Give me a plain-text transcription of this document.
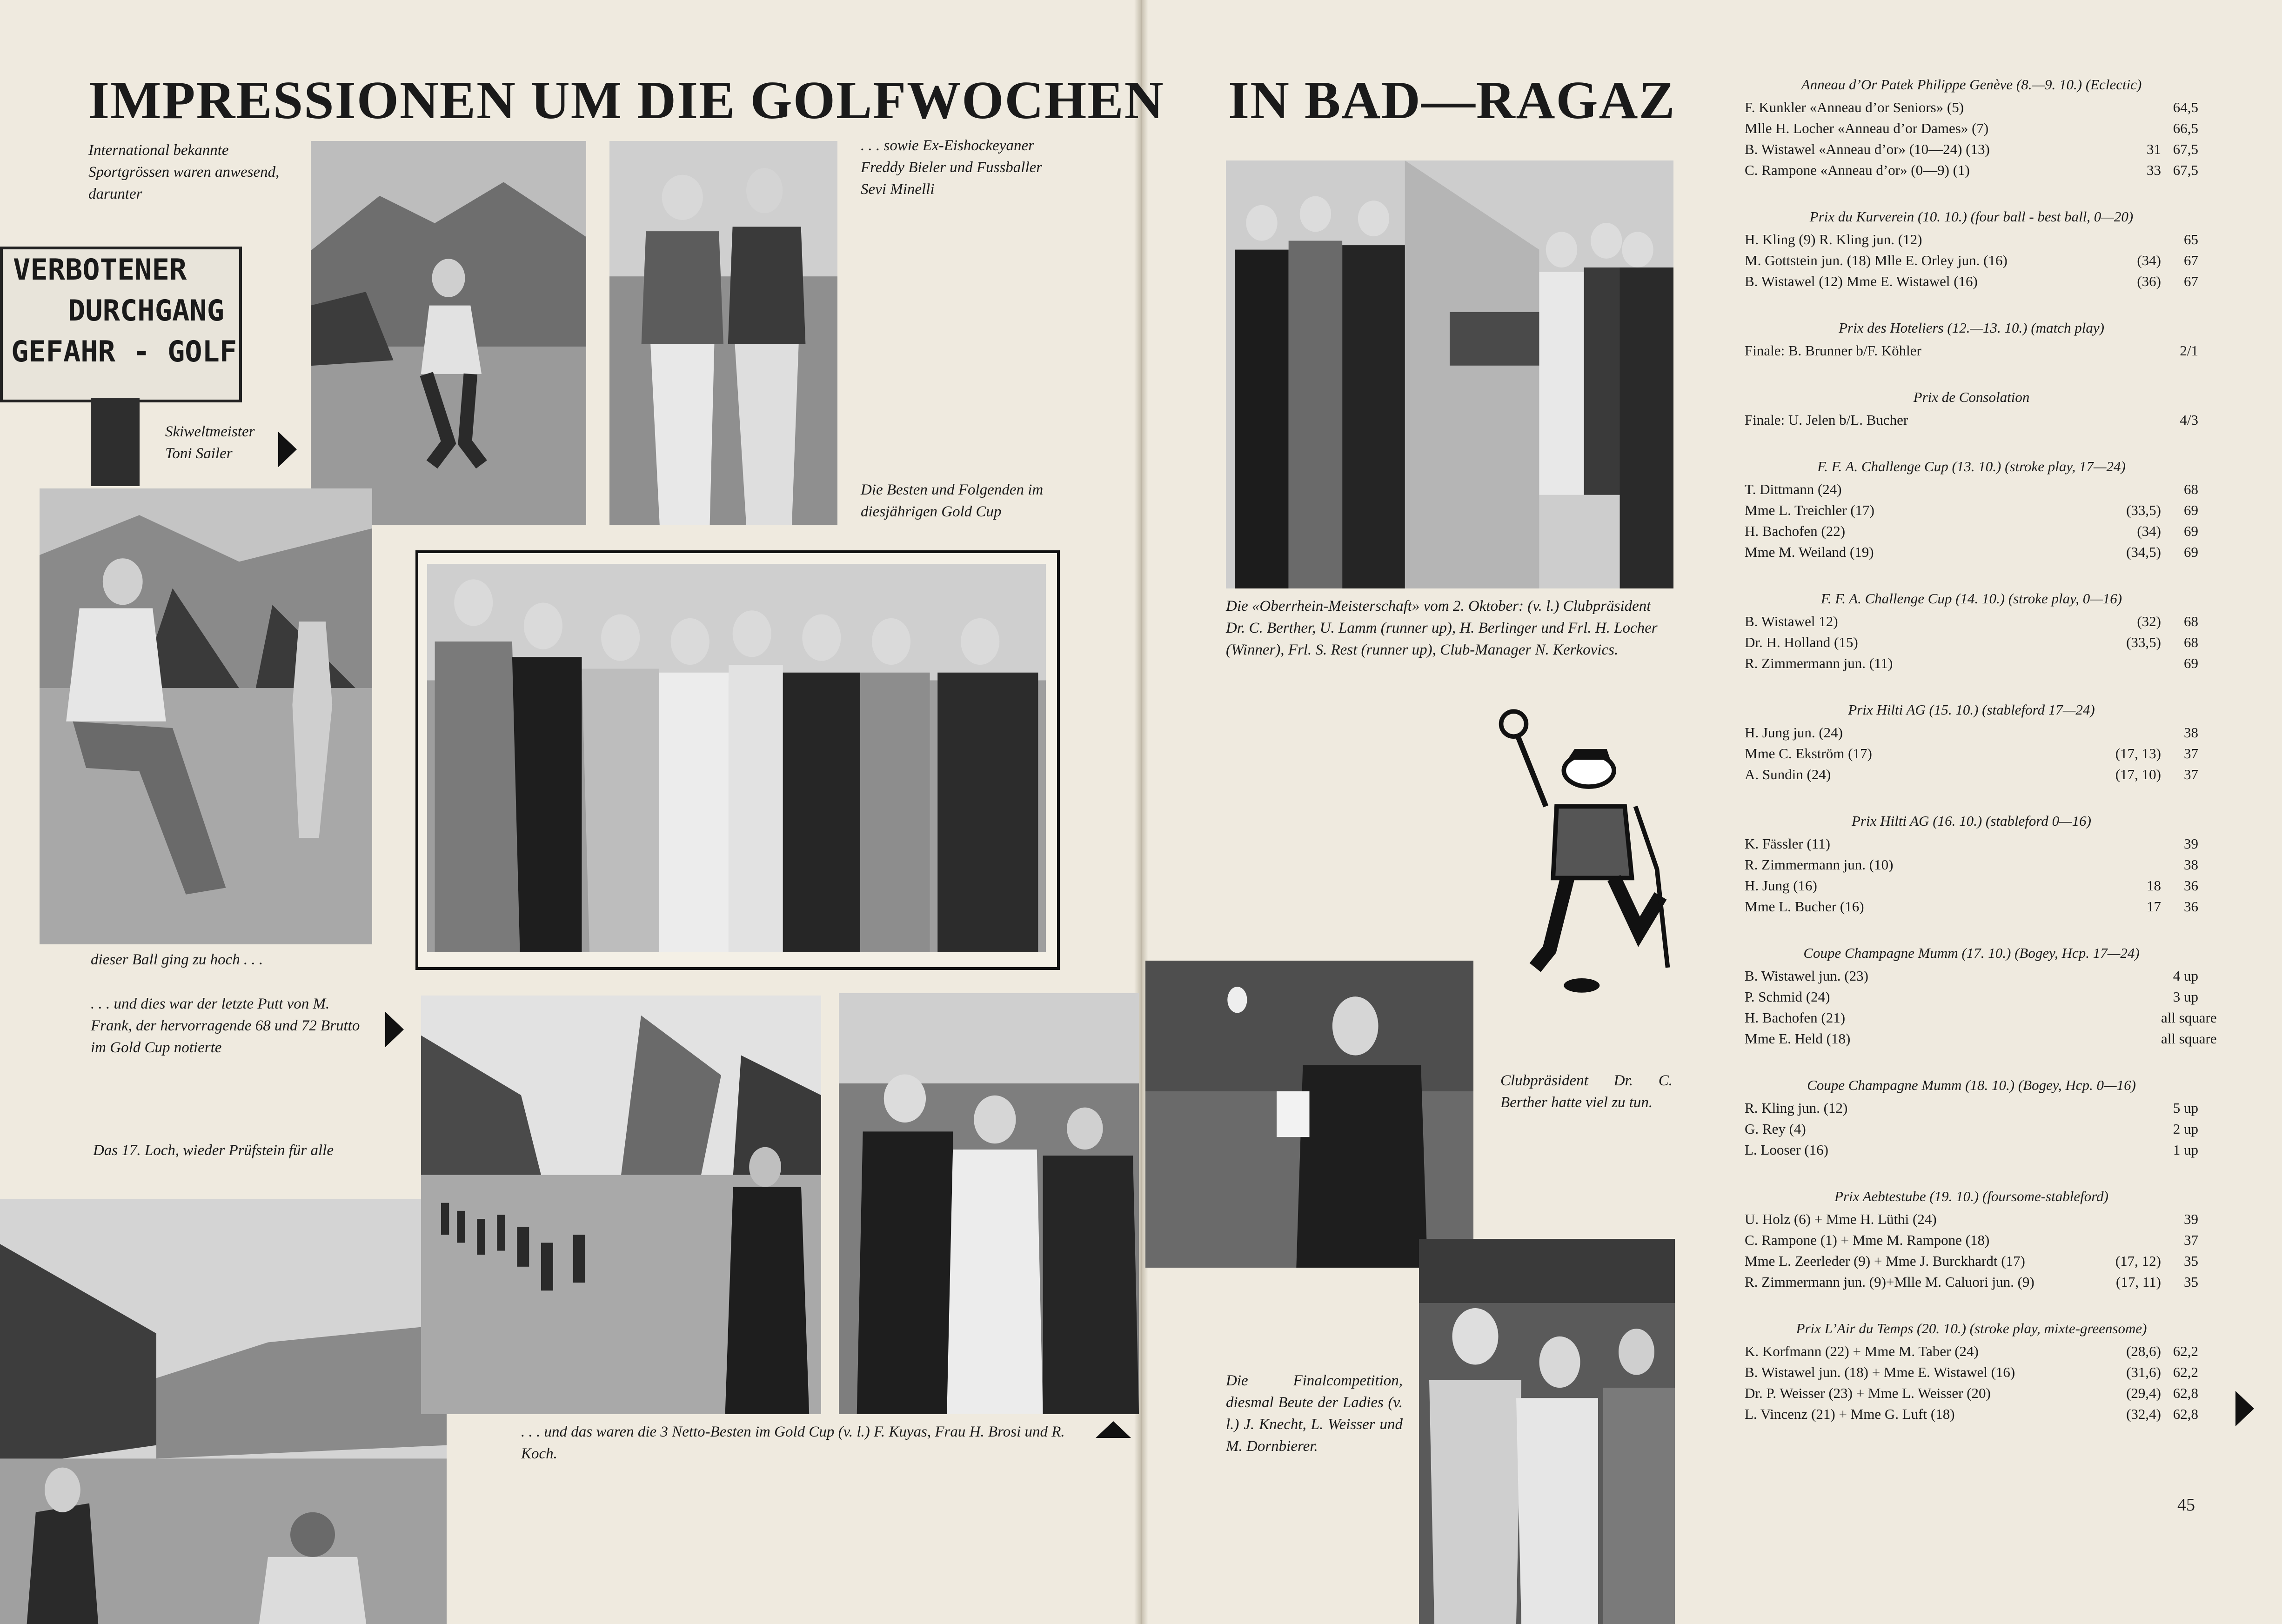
IMPRESSIONEN UM DIE GOLFWOCHEN
International bekannte Sportgrössen waren anwesend, darunter
. . . sowie Ex-Eishockeyaner Freddy Bieler und Fussballer Sevi Minelli
Die Besten und Folgenden im diesjährigen Gold Cup
VERBOTENER
DURCHGANG
GEFAHR - GOLF
Skiweltmeister Toni Sailer
dieser Ball ging zu hoch . . .
. . . und dies war der letzte Putt von M. Frank, der hervorragende 68 und 72 Brutto im Gold Cup notierte
Das 17. Loch, wieder Prüfstein für alle
. . . und das waren die 3 Netto-Besten im Gold Cup (v. l.) F. Kuyas, Frau H. Brosi und R. Koch.
IN BAD—RAGAZ
Die «Oberrhein-Meisterschaft» vom 2. Oktober: (v. l.) Clubpräsident Dr. C. Berther, U. Lamm (runner up), H. Berlinger und Frl. H. Locher (Winner), Frl. S. Rest (runner up), Club-Manager N. Kerkovics.
Clubpräsident Dr. C. Berther hatte viel zu tun.
Die Finalcompetition, diesmal Beute der Ladies (v. l.) J. Knecht, L. Weisser und M. Dornbierer.
Anneau d’Or Patek Philippe Genève (8.—9. 10.) (Eclectic)
F. Kunkler «Anneau d’or Seniors» (5)	64,5
Mlle H. Locher «Anneau d’or Dames» (7)	66,5
B. Wistawel «Anneau d’or» (10—24) (13)	31 67,5
C. Rampone «Anneau d’or» (0—9) (1)	33 67,5
Prix du Kurverein (10. 10.) (four ball - best ball, 0—20)
H. Kling (9) R. Kling jun. (12)	65
M. Gottstein jun. (18) Mlle E. Orley jun. (16)	(34)	67
B. Wistawel (12) Mme E. Wistawel (16)	(36)	67
Prix des Hoteliers (12.—13. 10.) (match play)
Finale: B. Brunner b/F. Köhler	2/1
Prix de Consolation
Finale: U. Jelen b/L. Bucher	4/3
F. F. A. Challenge Cup (13. 10.) (stroke play, 17—24)
T. Dittmann (24)	68
Mme L. Treichler (17)	(33,5)	69
H. Bachofen (22)	(34)	69
Mme M. Weiland (19)	(34,5)	69
F. F. A. Challenge Cup (14. 10.) (stroke play, 0—16)
B. Wistawel 12)	(32)	68
Dr. H. Holland (15)	(33,5)	68
R. Zimmermann jun. (11)	69
Prix Hilti AG (15. 10.) (stableford 17—24)
H. Jung jun. (24)	38
Mme C. Ekström (17)	(17, 13)	37
A. Sundin (24)	(17, 10)	37
Prix Hilti AG (16. 10.) (stableford 0—16)
K. Fässler (11)	39
R. Zimmermann jun. (10)	38
H. Jung (16)	18	36
Mme L. Bucher (16)	17	36
Coupe Champagne Mumm (17. 10.) (Bogey, Hcp. 17—24)
B. Wistawel jun. (23)	4 up
P. Schmid (24)	3 up
H. Bachofen (21)	all square
Mme E. Held (18)	all square
Coupe Champagne Mumm (18. 10.) (Bogey, Hcp. 0—16)
R. Kling jun. (12)	5 up
G. Rey (4)	2 up
L. Looser (16)	1 up
Prix Aebtestube (19. 10.) (foursome-stableford)
U. Holz (6) + Mme H. Lüthi (24)	39
C. Rampone (1) + Mme M. Rampone (18)	37
Mme L. Zeerleder (9) + Mme J. Burckhardt (17)	(17, 12)	35
R. Zimmermann jun. (9)+Mlle M. Caluori jun. (9)	(17, 11)	35
Prix L’Air du Temps (20. 10.) (stroke play, mixte-greensome)
K. Korfmann (22) + Mme M. Taber (24)	(28,6) 62,2
B. Wistawel jun. (18) + Mme E. Wistawel (16)	(31,6) 62,2
Dr. P. Weisser (23) + Mme L. Weisser (20)	(29,4) 62,8
L. Vincenz (21) + Mme G. Luft (18)	(32,4) 62,8
45
